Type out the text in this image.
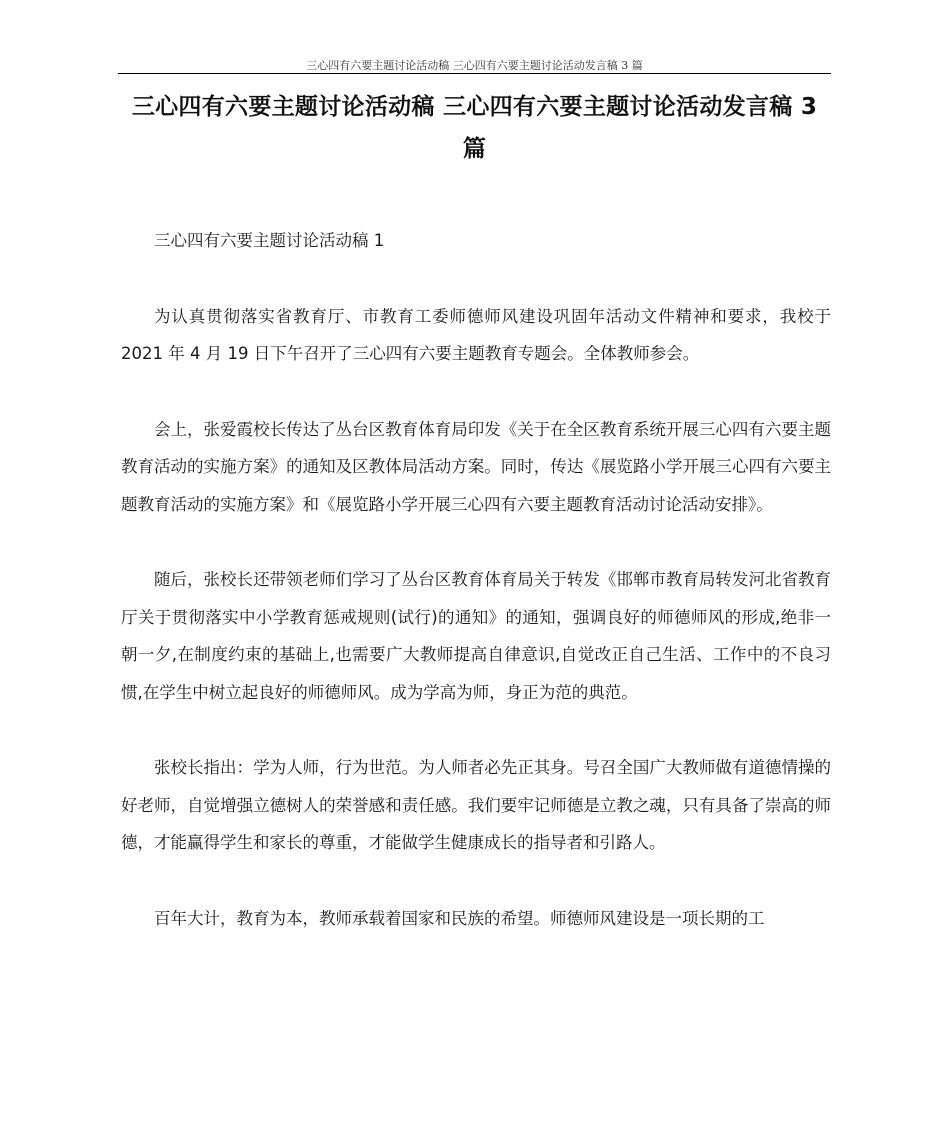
三心四有六要主题讨论活动稿 三心四有六要主题讨论活动发言稿 3 篇
三心四有六要主题讨论活动稿 三心四有六要主题讨论活动发言稿 3 篇

三心四有六要主题讨论活动稿 1

为认真贯彻落实省教育厅、市教育工委师德师风建设巩固年活动文件精神和要求，我校于 2021 年 4 月 19 日下午召开了三心四有六要主题教育专题会。全体教师参会。

会上，张爱霞校长传达了丛台区教育体育局印发《关于在全区教育系统开展三心四有六要主题教育活动的实施方案》的通知及区教体局活动方案。同时，传达《展览路小学开展三心四有六要主题教育活动的实施方案》和《展览路小学开展三心四有六要主题教育活动讨论活动安排》。

随后，张校长还带领老师们学习了丛台区教育体育局关于转发《邯郸市教育局转发河北省教育厅关于贯彻落实中小学教育惩戒规则(试行)的通知》的通知，强调良好的师德师风的形成,绝非一朝一夕,在制度约束的基础上,也需要广大教师提高自律意识,自觉改正自己生活、工作中的不良习惯,在学生中树立起良好的师德师风。成为学高为师，身正为范的典范。

张校长指出：学为人师，行为世范。为人师者必先正其身。号召全国广大教师做有道德情操的好老师，自觉增强立德树人的荣誉感和责任感。我们要牢记师德是立教之魂，只有具备了崇高的师德，才能赢得学生和家长的尊重，才能做学生健康成长的指导者和引路人。

百年大计，教育为本，教师承载着国家和民族的希望。师德师风建设是一项长期的工
